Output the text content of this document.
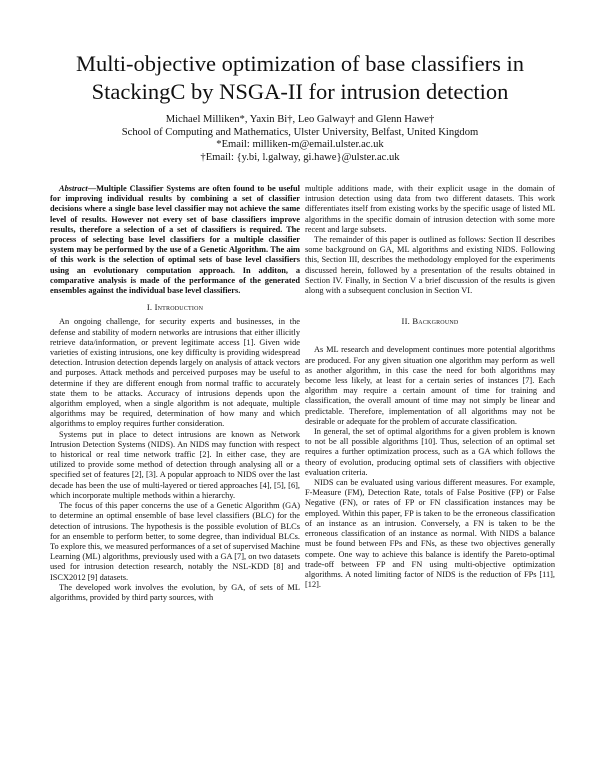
Multi-objective optimization of base classifiers in StackingC by NSGA-II for intrusion detection
Michael Milliken*, Yaxin Bi†, Leo Galway† and Glenn Hawe†
School of Computing and Mathematics, Ulster University, Belfast, United Kingdom
*Email: milliken-m@email.ulster.ac.uk
†Email: {y.bi, l.galway, gi.hawe}@ulster.ac.uk

Abstract—Multiple Classifier Systems are often found to be useful for improving individual results by combining a set of classifier decisions where a single base level classifier may not achieve the same level of results. However not every set of base classifiers improve results, therefore a selection of a set of classifiers is required. The process of selecting base level classifiers for a multiple classifier system may be performed by the use of a Genetic Algorithm. The aim of this work is the selection of optimal sets of base level classifiers using an evolutionary computation approach. In additon, a comparative analysis is made of the performance of the generated ensembles against the individual base level classifiers.

I. Introduction

An ongoing challenge, for security experts and businesses, in the defense and stability of modern networks are intrusions that either illicitly retrieve data/information, or prevent legitimate access [1]. Given wide varieties of existing intrusions, one key difficulty is providing widespread detection. Intrusion detection depends largely on analysis of attack vectors and purposes. Attack methods and perceived purposes may be useful to determine if they are different enough from normal traffic to accurately state them to be attacks. Accuracy of intrusions depends upon the algorithm employed, when a single algorithm is not adequate, multiple algorithms may be required, determination of how many and which algorithms to employ requires further consideration.

Systems put in place to detect intrusions are known as Network Intrusion Detection Systems (NIDS). An NIDS may function with respect to historical or real time network traffic [2]. In either case, they are utilized to provide some method of detection through analysing all or a specified set of features [2], [3]. A popular approach to NIDS over the last decade has been the use of multi-layered or tiered approaches [4], [5], [6], which incorporate multiple methods within a hierarchy.

The focus of this paper concerns the use of a Genetic Algorithm (GA) to determine an optimal ensemble of base level classifiers (BLC) for the detection of intrusions. The hypothesis is the possible evolution of BLCs for an ensemble to perform better, to some degree, than individual BLCs. To explore this, we measured performances of a set of supervised Machine Learning (ML) algorithms, previously used with a GA [7], on two datasets used for intrusion detection research, notably the NSL-KDD [8] and ISCX2012 [9] datasets.

The developed work involves the evolution, by GA, of sets of ML algorithms, provided by third party sources, with

multiple additions made, with their explicit usage in the domain of intrusion detection using data from two different datasets. This work differentiates itself from existing works by the specific usage of listed ML algorithms in the specific domain of intrusion detection with some more recent and large subsets.

The remainder of this paper is outlined as follows: Section II describes some background on GA, ML algorithms and existing NIDS. Following this, Section III, describes the methodology employed for the experiments discussed herein, followed by a presentation of the results obtained in Section IV. Finally, in Section V a brief discussion of the results is given along with a subsequent conclusion in Section VI.

II. Background

As ML research and development continues more potential algorithms are produced. For any given situation one algorithm may perform as well as another algorithm, in this case the need for both algorithms may become less likely, at least for a certain series of instances [7]. Each algorithm may require a certain amount of time for training and classification, the overall amount of time may not simply be linear and predictable. Therefore, implementation of all algorithms may not be desirable or adequate for the problem of accurate classification.

In general, the set of optimal algorithms for a given problem is known to not be all possible algorithms [10]. Thus, selection of an optimal set requires a further optimization process, such as a GA which follows the theory of evolution, producing optimal sets of classifiers with objective evaluation criteria.

NIDS can be evaluated using various different measures. For example, F-Measure (FM), Detection Rate, totals of False Positive (FP) or False Negative (FN), or rates of FP or FN classification instances may be employed. Within this paper, FP is taken to be the erroneous classification of an instance as an intrusion. Conversely, a FN is taken to be the erroneous classification of an instance as normal. With NIDS a balance must be found between FPs and FNs, as these two objectives generally compete. One way to achieve this balance is identify the Pareto-optimal trade-off between FP and FN using multi-objective optimization algorithms. A noted limiting factor of NIDS is the reduction of FPs [11], [12].
